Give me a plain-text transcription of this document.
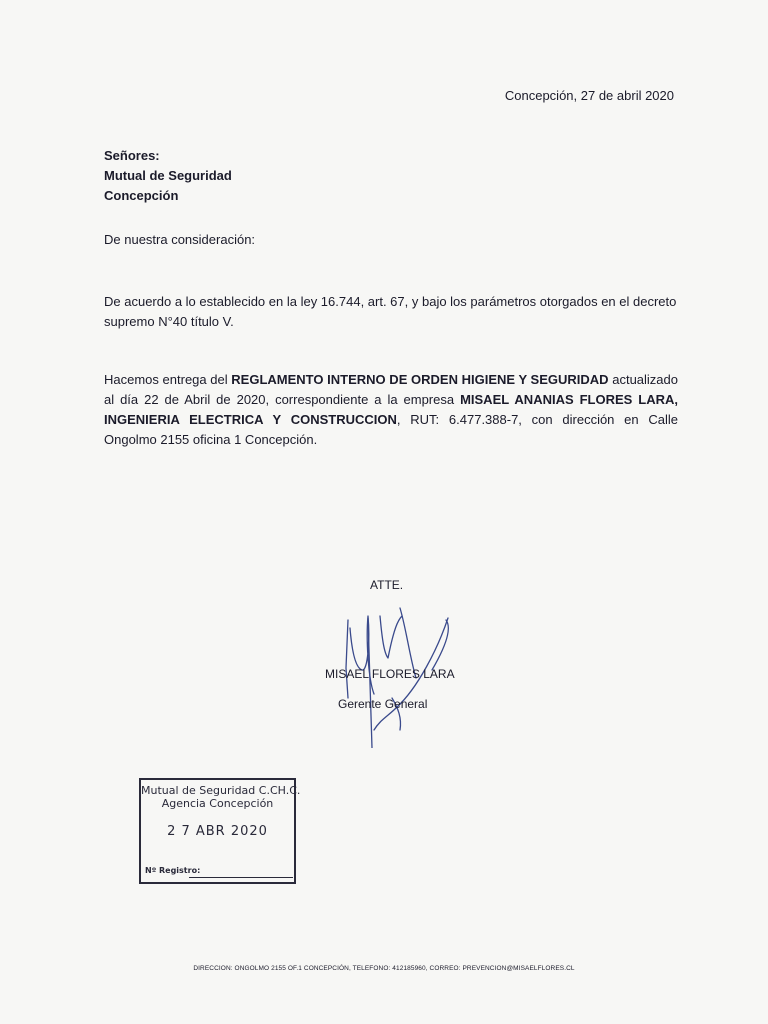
Concepción, 27 de abril 2020
Señores:
Mutual de Seguridad
Concepción
De nuestra consideración:
De acuerdo a lo establecido en la ley 16.744, art. 67, y bajo los parámetros otorgados en el decreto supremo N°40 título V.
Hacemos entrega del REGLAMENTO INTERNO DE ORDEN HIGIENE Y SEGURIDAD actualizado al día 22 de Abril de 2020, correspondiente a la empresa MISAEL ANANIAS FLORES LARA, INGENIERIA ELECTRICA Y CONSTRUCCION, RUT: 6.477.388-7, con dirección en Calle Ongolmo 2155 oficina 1 Concepción.
ATTE.
MISAEL FLORES LARA
Gerente General
Mutual de Seguridad C.CH.C.
Agencia Concepción
2 7 ABR 2020
Nº Registro:
DIRECCION: ONGOLMO 2155 OF.1 CONCEPCIÓN, TELEFONO: 412185960, CORREO: PREVENCION@MISAELFLORES.CL
